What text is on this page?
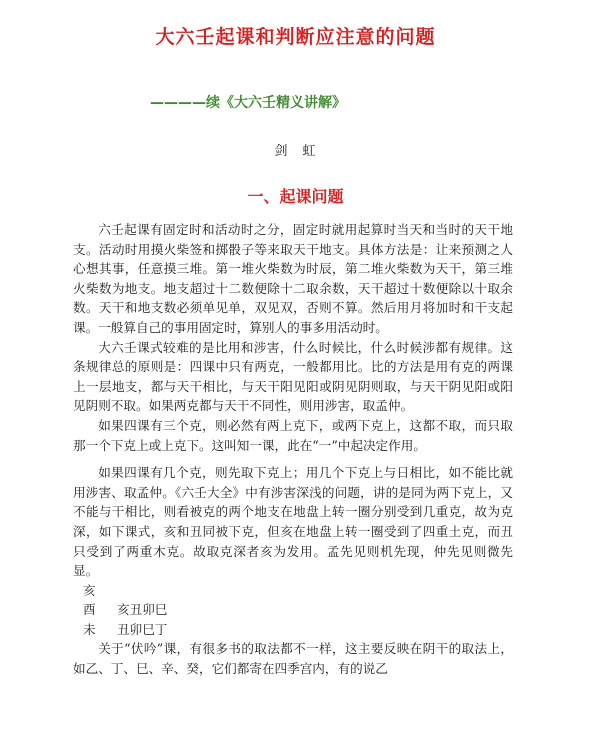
大六壬起课和判断应注意的问题
————续《大六壬精义讲解》
剑　虹
一、起课问题

六壬起课有固定时和活动时之分，固定时就用起算时当天和当时的天干地支。活动时用摸火柴签和掷骰子等来取天干地支。具体方法是：让来预测之人心想其事，任意摸三堆。第一堆火柴数为时辰，第二堆火柴数为天干，第三堆火柴数为地支。地支超过十二数便除十二取余数，天干超过十数便除以十取余数。天干和地支数必须单见单，双见双，否则不算。然后用月将加时和干支起课。一般算自己的事用固定时，算别人的事多用活动时。

大六壬课式较难的是比用和涉害，什么时候比，什么时候涉都有规律。这条规律总的原则是：四课中只有两克，一般都用比。比的方法是用有克的两课上一层地支，都与天干相比，与天干阳见阳或阴见阴则取，与天干阴见阳或阳见阴则不取。如果两克都与天干不同性，则用涉害，取孟仲。

如果四课有三个克，则必然有两上克下，或两下克上，这都不取，而只取那一个下克上或上克下。这叫知一课，此在“一”中起决定作用。

如果四课有几个克，则先取下克上；用几个下克上与日相比，如不能比就用涉害、取孟仲。《六壬大全》中有涉害深浅的问题，讲的是同为两下克上，又不能与干相比，则看被克的两个地支在地盘上转一圈分别受到几重克，故为克深，如下课式，亥和丑同被下克，但亥在地盘上转一圈受到了四重土克，而丑只受到了两重木克。故取克深者亥为发用。孟先见则机先现，仲先见则微先显。

亥
酉	亥丑卯巳
未	丑卯巳丁

关于“伏吟”课，有很多书的取法都不一样，这主要反映在阴干的取法上，如乙、丁、巳、辛、癸，它们都寄在四季宫内，有的说乙
